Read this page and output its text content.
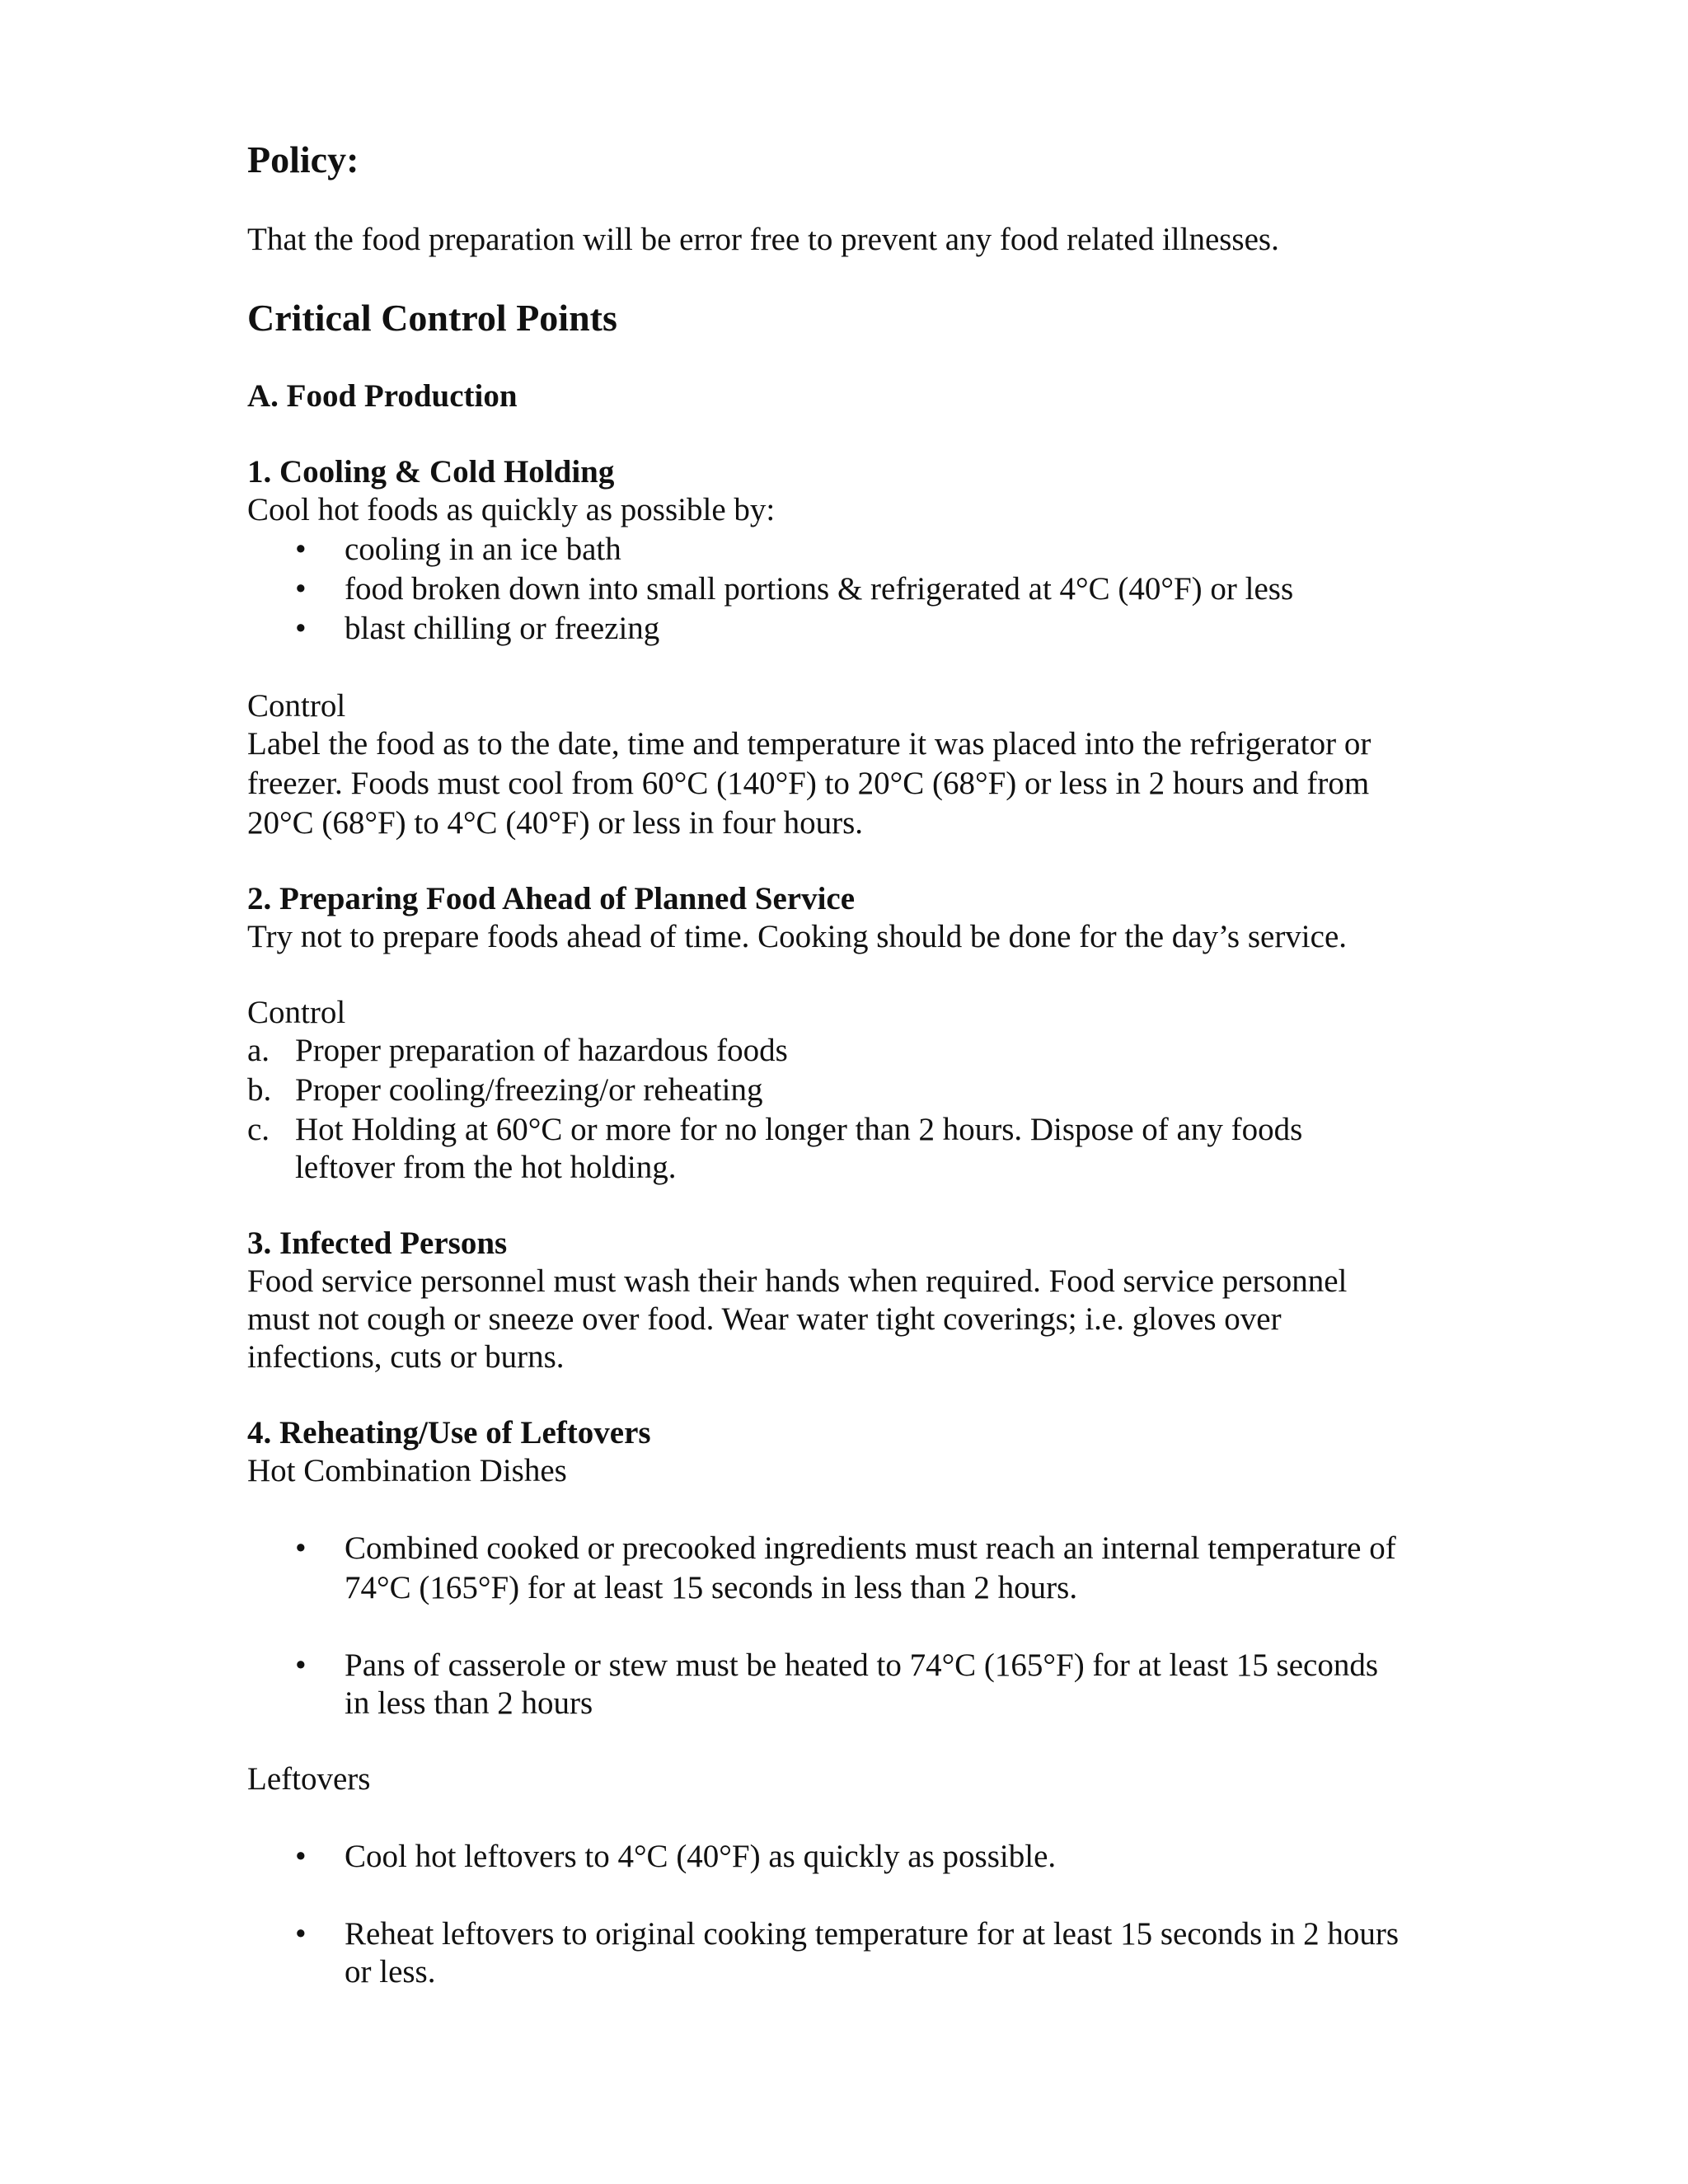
Policy:
That the food preparation will be error free to prevent any food related illnesses.
Critical Control Points
A. Food Production
1. Cooling & Cold Holding
Cool hot foods as quickly as possible by:
•	cooling in an ice bath
•	food broken down into small portions & refrigerated at 4°C (40°F) or less
•	blast chilling or freezing
Control
Label the food as to the date, time and temperature it was placed into the refrigerator or
freezer. Foods must cool from 60°C (140°F) to 20°C (68°F) or less in 2 hours and from
20°C (68°F) to 4°C (40°F) or less in four hours.
2. Preparing Food Ahead of Planned Service
Try not to prepare foods ahead of time. Cooking should be done for the day’s service.
Control
a. Proper preparation of hazardous foods
b. Proper cooling/freezing/or reheating
c. Hot Holding at 60°C or more for no longer than 2 hours. Dispose of any foods
leftover from the hot holding.
3. Infected Persons
Food service personnel must wash their hands when required. Food service personnel
must not cough or sneeze over food. Wear water tight coverings; i.e. gloves over
infections, cuts or burns.
4. Reheating/Use of Leftovers
Hot Combination Dishes
•	Combined cooked or precooked ingredients must reach an internal temperature of
74°C (165°F) for at least 15 seconds in less than 2 hours.
•	Pans of casserole or stew must be heated to 74°C (165°F) for at least 15 seconds
in less than 2 hours
Leftovers
•	Cool hot leftovers to 4°C (40°F) as quickly as possible.
•	Reheat leftovers to original cooking temperature for at least 15 seconds in 2 hours
or less.
